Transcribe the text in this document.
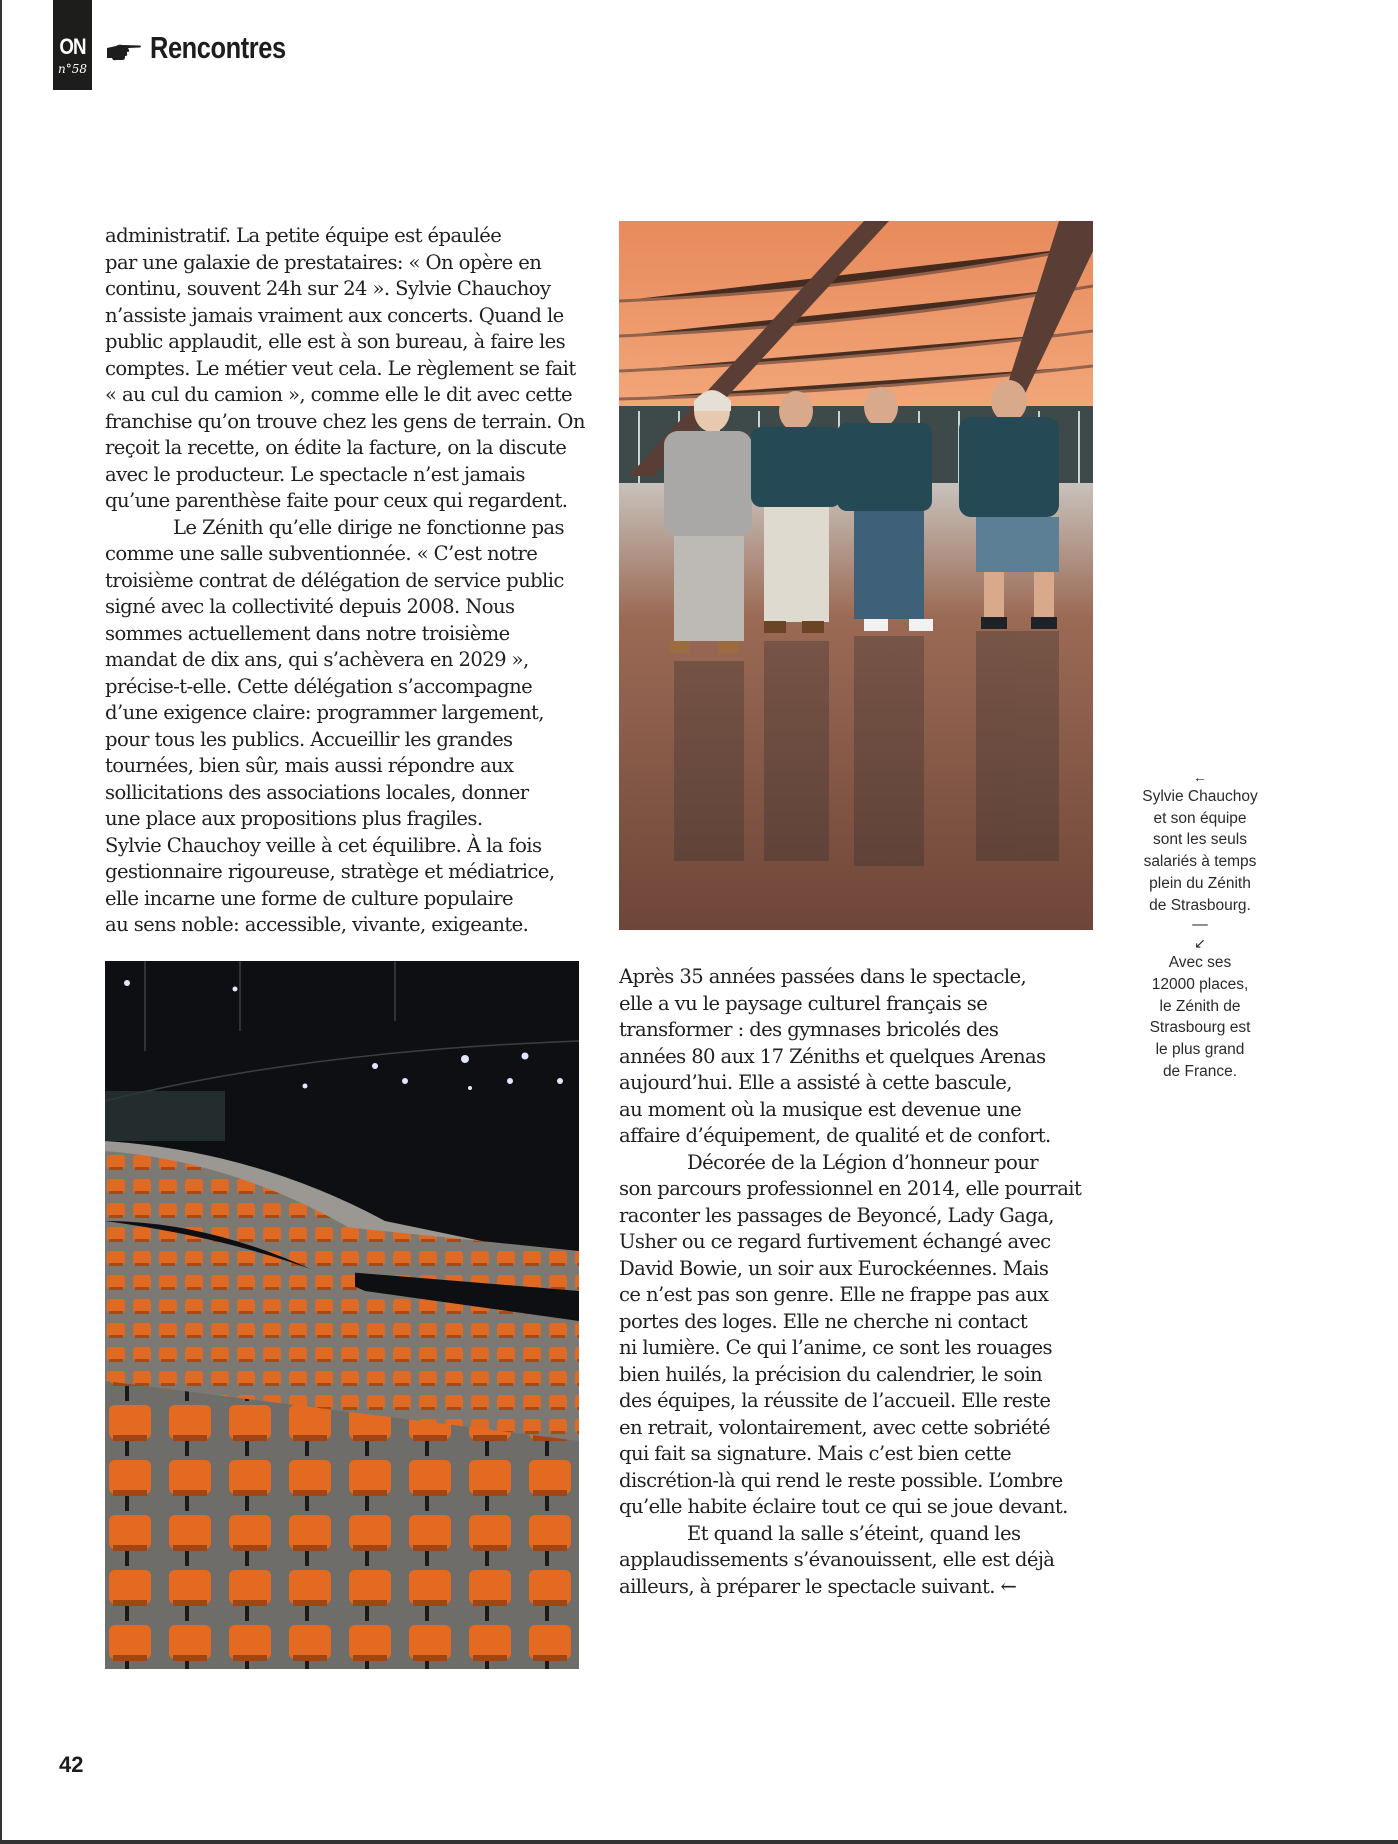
ON
n°58
Rencontres

administratif. La petite équipe est épaulée

par une galaxie de prestataires: « On opère en

continu, souvent 24h sur 24 ». Sylvie Chauchoy

n’assiste jamais vraiment aux concerts. Quand le

public applaudit, elle est à son bureau, à faire les

comptes. Le métier veut cela. Le règlement se fait

« au cul du camion », comme elle le dit avec cette

franchise qu’on trouve chez les gens de terrain. On

reçoit la recette, on édite la facture, on la discute

avec le producteur. Le spectacle n’est jamais

qu’une parenthèse faite pour ceux qui regardent.

Le Zénith qu’elle dirige ne fonctionne pas

comme une salle subventionnée. « C’est notre

troisième contrat de délégation de service public

signé avec la collectivité depuis 2008. Nous

sommes actuellement dans notre troisième

mandat de dix ans, qui s’achèvera en 2029 »,

précise-t-elle. Cette délégation s’accompagne

d’une exigence claire: programmer largement,

pour tous les publics. Accueillir les grandes

tournées, bien sûr, mais aussi répondre aux

sollicitations des associations locales, donner

une place aux propositions plus fragiles.

Sylvie Chauchoy veille à cet équilibre. À la fois

gestionnaire rigoureuse, stratège et médiatrice,

elle incarne une forme de culture populaire

au sens noble: accessible, vivante, exigeante.

←

Sylvie Chauchoy

et son équipe

sont les seuls

salariés à temps

plein du Zénith

de Strasbourg.

—

↙

Avec ses

12000 places,

le Zénith de

Strasbourg est

le plus grand

de France.

Après 35 années passées dans le spectacle,

elle a vu le paysage culturel français se

transformer : des gymnases bricolés des

années 80 aux 17 Zéniths et quelques Arenas

aujourd’hui. Elle a assisté à cette bascule,

au moment où la musique est devenue une

affaire d’équipement, de qualité et de confort.

Décorée de la Légion d’honneur pour

son parcours professionnel en 2014, elle pourrait

raconter les passages de Beyoncé, Lady Gaga,

Usher ou ce regard furtivement échangé avec

David Bowie, un soir aux Eurockéennes. Mais

ce n’est pas son genre. Elle ne frappe pas aux

portes des loges. Elle ne cherche ni contact

ni lumière. Ce qui l’anime, ce sont les rouages

bien huilés, la précision du calendrier, le soin

des équipes, la réussite de l’accueil. Elle reste

en retrait, volontairement, avec cette sobriété

qui fait sa signature. Mais c’est bien cette

discrétion-là qui rend le reste possible. L’ombre

qu’elle habite éclaire tout ce qui se joue devant.

Et quand la salle s’éteint, quand les

applaudissements s’évanouissent, elle est déjà

ailleurs, à préparer le spectacle suivant. ←

42
